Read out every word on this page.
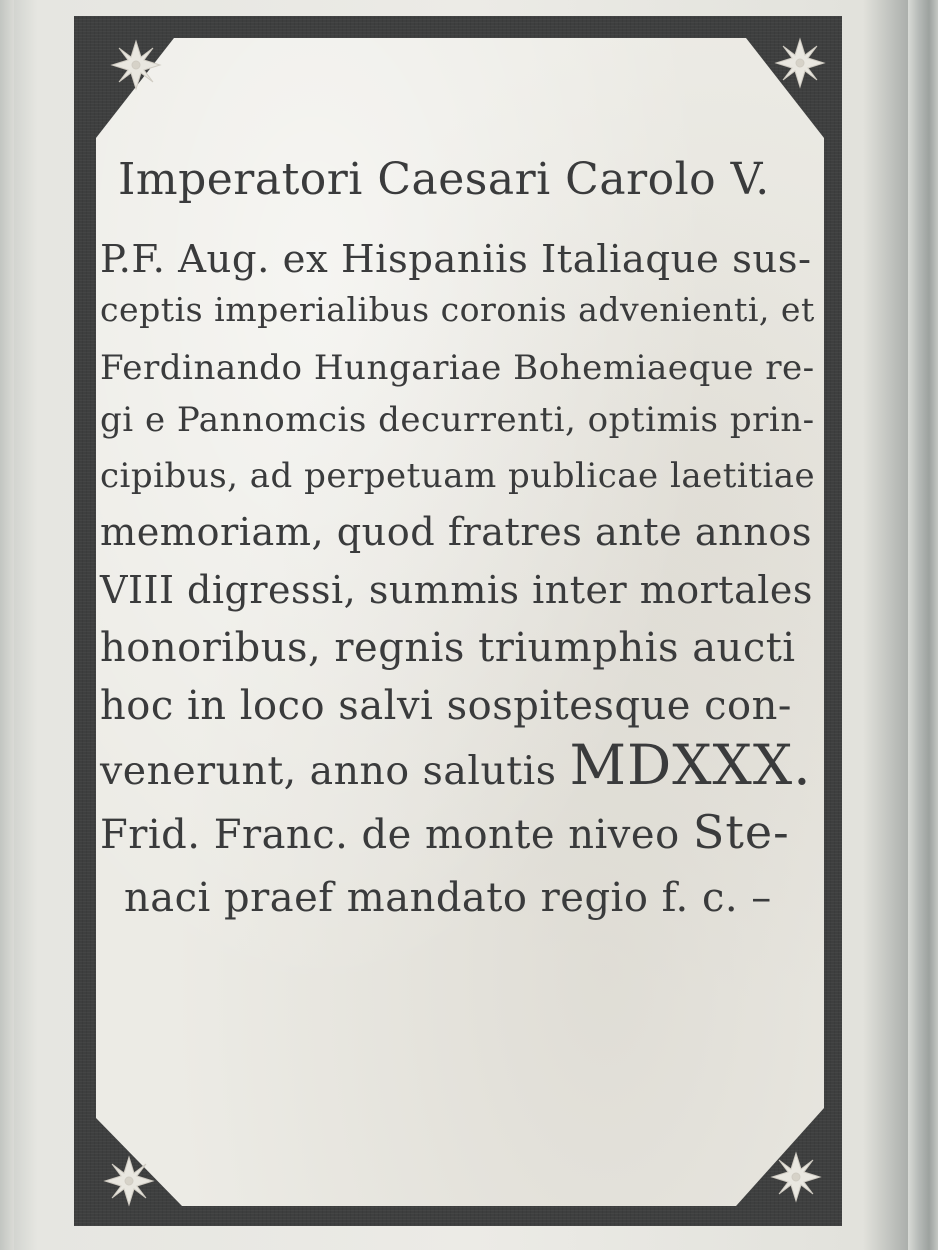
Imperatori Caesari Carolo V.
P.F. Aug. ex Hispaniis Italiaque sus-
ceptis imperialibus coronis advenienti, et
Ferdinando Hungariae Bohemiaeque re-
gi e Pannomcis decurrenti, optimis prin-
cipibus, ad perpetuam publicae laetitiae
memoriam, quod fratres ante annos
VIII digressi, summis inter mortales
honoribus, regnis triumphis aucti
hoc in loco salvi sospitesque con-
venerunt, anno salutis MDXXX.
Frid. Franc. de monte niveo Ste-
naci praef mandato regio f. c. –
